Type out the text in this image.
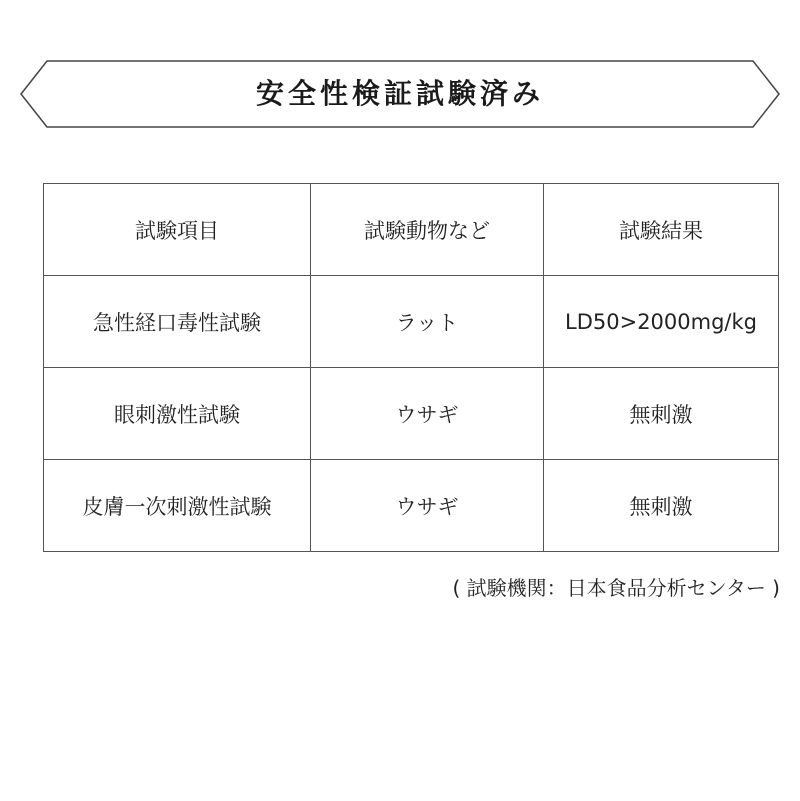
安全性検証試験済み
試験項目	試験動物など	試験結果
急性経口毒性試験	ラット	LD50>2000mg/kg
眼刺激性試験	ウサギ	無刺激
皮膚一次刺激性試験	ウサギ	無刺激
( 試験機関：日本食品分析センター )
